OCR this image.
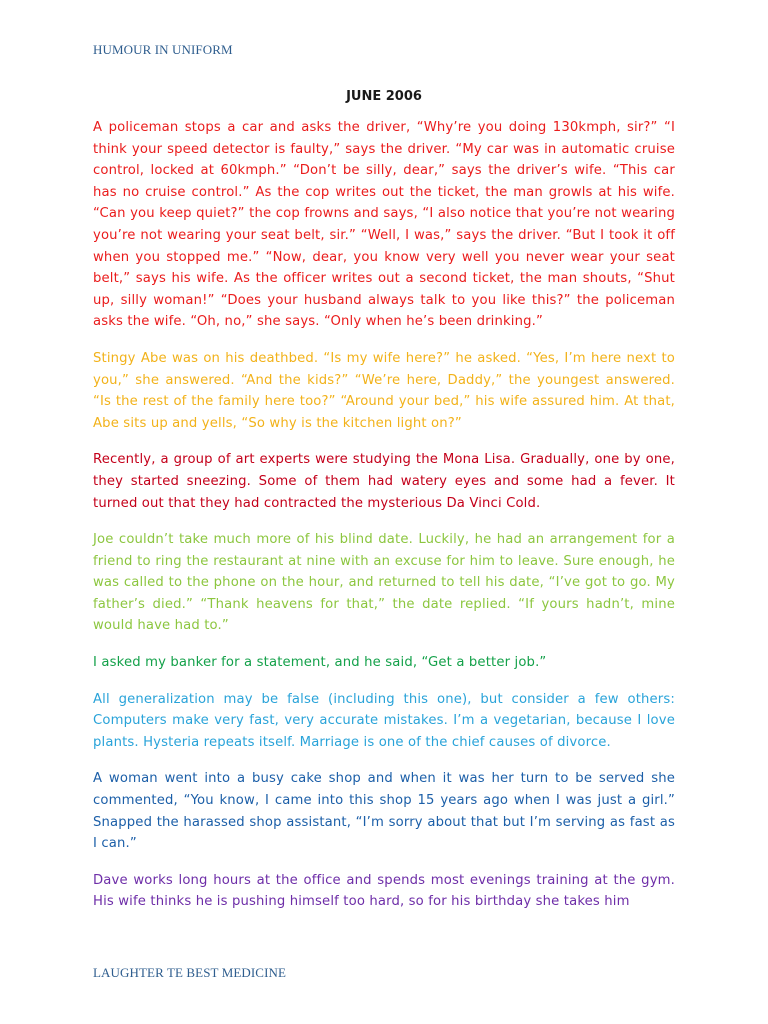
HUMOUR IN UNIFORM
JUNE 2006

A policeman stops a car and asks the driver, “Why’re you doing 130kmph, sir?” “I think your speed detector is faulty,” says the driver. “My car was in automatic cruise control, locked at 60kmph.” “Don’t be silly, dear,” says the driver’s wife. “This car has no cruise control.” As the cop writes out the ticket, the man growls at his wife. “Can you keep quiet?” the cop frowns and says, “I also notice that you’re not wearing you’re not wearing your seat belt, sir.” “Well, I was,” says the driver. “But I took it off when you stopped me.” “Now, dear, you know very well you never wear your seat belt,” says his wife. As the officer writes out a second ticket, the man shouts, “Shut up, silly woman!” “Does your husband always talk to you like this?” the policeman asks the wife. “Oh, no,” she says. “Only when he’s been drinking.”

Stingy Abe was on his deathbed. “Is my wife here?” he asked. “Yes, I’m here next to you,” she answered. “And the kids?” “We’re here, Daddy,” the youngest answered. “Is the rest of the family here too?” “Around your bed,” his wife assured him. At that, Abe sits up and yells, “So why is the kitchen light on?”

Recently, a group of art experts were studying the Mona Lisa. Gradually, one by one, they started sneezing. Some of them had watery eyes and some had a fever. It turned out that they had contracted the mysterious Da Vinci Cold.

Joe couldn’t take much more of his blind date. Luckily, he had an arrangement for a friend to ring the restaurant at nine with an excuse for him to leave. Sure enough, he was called to the phone on the hour, and returned to tell his date, “I’ve got to go. My father’s died.” “Thank heavens for that,” the date replied. “If yours hadn’t, mine would have had to.”

I asked my banker for a statement, and he said, “Get a better job.”

All generalization may be false (including this one), but consider a few others: Computers make very fast, very accurate mistakes. I’m a vegetarian, because I love plants. Hysteria repeats itself. Marriage is one of the chief causes of divorce.

A woman went into a busy cake shop and when it was her turn to be served she commented, “You know, I came into this shop 15 years ago when I was just a girl.” Snapped the harassed shop assistant, “I’m sorry about that but I’m serving as fast as I can.”

Dave works long hours at the office and spends most evenings training at the gym. His wife thinks he is pushing himself too hard, so for his birthday she takes him

LAUGHTER TE BEST MEDICINE
